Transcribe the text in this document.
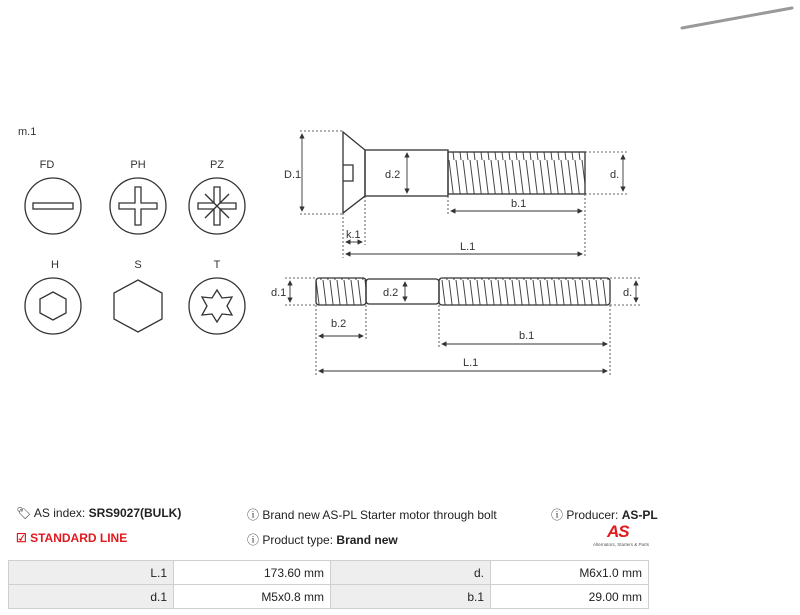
m.1
FD	PH	PZ
H	S	T
D.1	d.2	d.
b.1
k.1
L.1
d.1	d.2	d.
b.2
b.1
L.1
🏷︎ AS index: SRS9027(BULK)	ⓘ Brand new AS-PL Starter motor through bolt	ⓘ Producer: AS-PL
☑ STANDARD LINE	ⓘ Product type: Brand new	AS
Alternators, Starters & Parts
L.1	173.60 mm	d.	M6x1.0 mm
d.1	M5x0.8 mm	b.1	29.00 mm
